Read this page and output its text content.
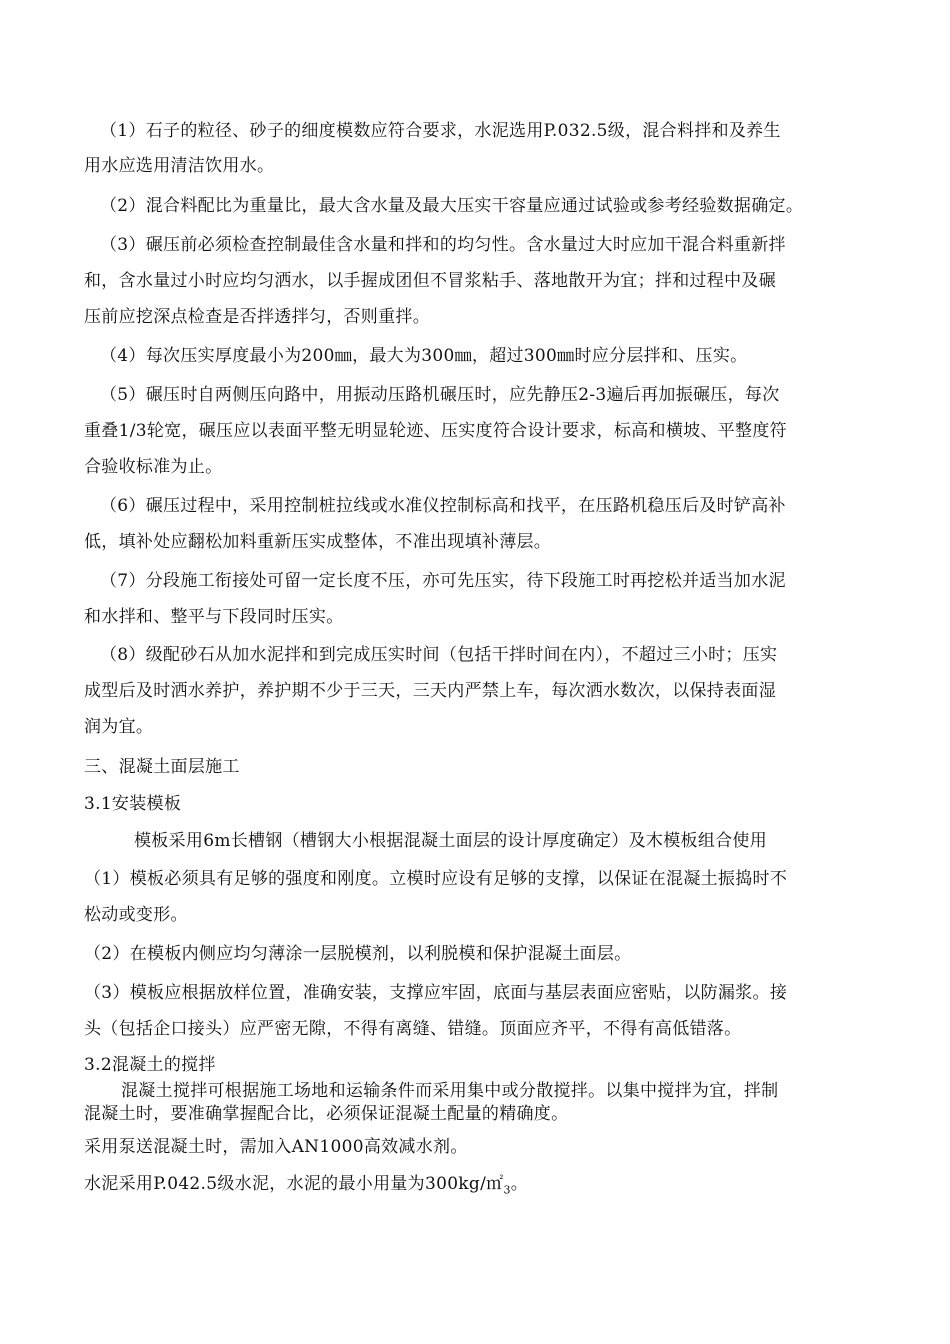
（1）石子的粒径、砂子的细度模数应符合要求，水泥选用P.032.5级，混合料拌和及养生
用水应选用清洁饮用水。
（2）混合料配比为重量比，最大含水量及最大压实干容量应通过试验或参考经验数据确定。
（3）碾压前必须检查控制最佳含水量和拌和的均匀性。含水量过大时应加干混合料重新拌
和，含水量过小时应均匀洒水，以手握成团但不冒浆粘手、落地散开为宜；拌和过程中及碾
压前应挖深点检查是否拌透拌匀，否则重拌。
（4）每次压实厚度最小为200㎜，最大为300㎜，超过300㎜时应分层拌和、压实。
（5）碾压时自两侧压向路中，用振动压路机碾压时，应先静压2-3遍后再加振碾压，每次
重叠1/3轮宽，碾压应以表面平整无明显轮迹、压实度符合设计要求，标高和横坡、平整度符
合验收标准为止。
（6）碾压过程中，采用控制桩拉线或水准仪控制标高和找平，在压路机稳压后及时铲高补
低，填补处应翻松加料重新压实成整体，不准出现填补薄层。
（7）分段施工衔接处可留一定长度不压，亦可先压实，待下段施工时再挖松并适当加水泥
和水拌和、整平与下段同时压实。
（8）级配砂石从加水泥拌和到完成压实时间（包括干拌时间在内），不超过三小时；压实
成型后及时洒水养护，养护期不少于三天，三天内严禁上车，每次洒水数次，以保持表面湿
润为宜。
三、混凝土面层施工
3.1安装模板
模板采用6m长槽钢（槽钢大小根据混凝土面层的设计厚度确定）及木模板组合使用
（1）模板必须具有足够的强度和刚度。立模时应设有足够的支撑，以保证在混凝土振捣时不
松动或变形。
（2）在模板内侧应均匀薄涂一层脱模剂，以利脱模和保护混凝土面层。
（3）模板应根据放样位置，准确安装，支撑应牢固，底面与基层表面应密贴，以防漏浆。接
头（包括企口接头）应严密无隙，不得有离缝、错缝。顶面应齐平，不得有高低错落。
3.2混凝土的搅拌
混凝土搅拌可根据施工场地和运输条件而采用集中或分散搅拌。以集中搅拌为宜，拌制
混凝土时，要准确掌握配合比，必须保证混凝土配量的精确度。
采用泵送混凝土时，需加入AN1000高效减水剂。
水泥采用P.042.5级水泥，水泥的最小用量为$300kg/㎡_3$。
